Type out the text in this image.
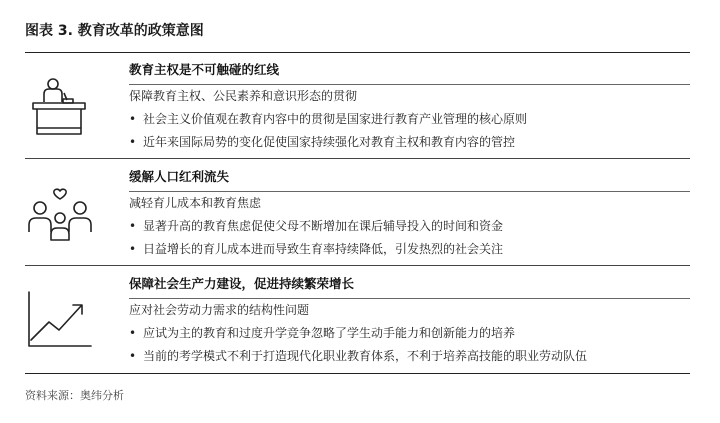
图表 3. 教育改革的政策意图
教育主权是不可触碰的红线
保障教育主权、公民素养和意识形态的贯彻
• 社会主义价值观在教育内容中的贯彻是国家进行教育产业管理的核心原则
• 近年来国际局势的变化促使国家持续强化对教育主权和教育内容的管控
缓解人口红利流失
减轻育儿成本和教育焦虑
• 显著升高的教育焦虑促使父母不断增加在课后辅导投入的时间和资金
• 日益增长的育儿成本进而导致生育率持续降低，引发热烈的社会关注
保障社会生产力建设，促进持续繁荣增长
应对社会劳动力需求的结构性问题
• 应试为主的教育和过度升学竞争忽略了学生动手能力和创新能力的培养
• 当前的考学模式不利于打造现代化职业教育体系，不利于培养高技能的职业劳动队伍
资料来源：奥纬分析
